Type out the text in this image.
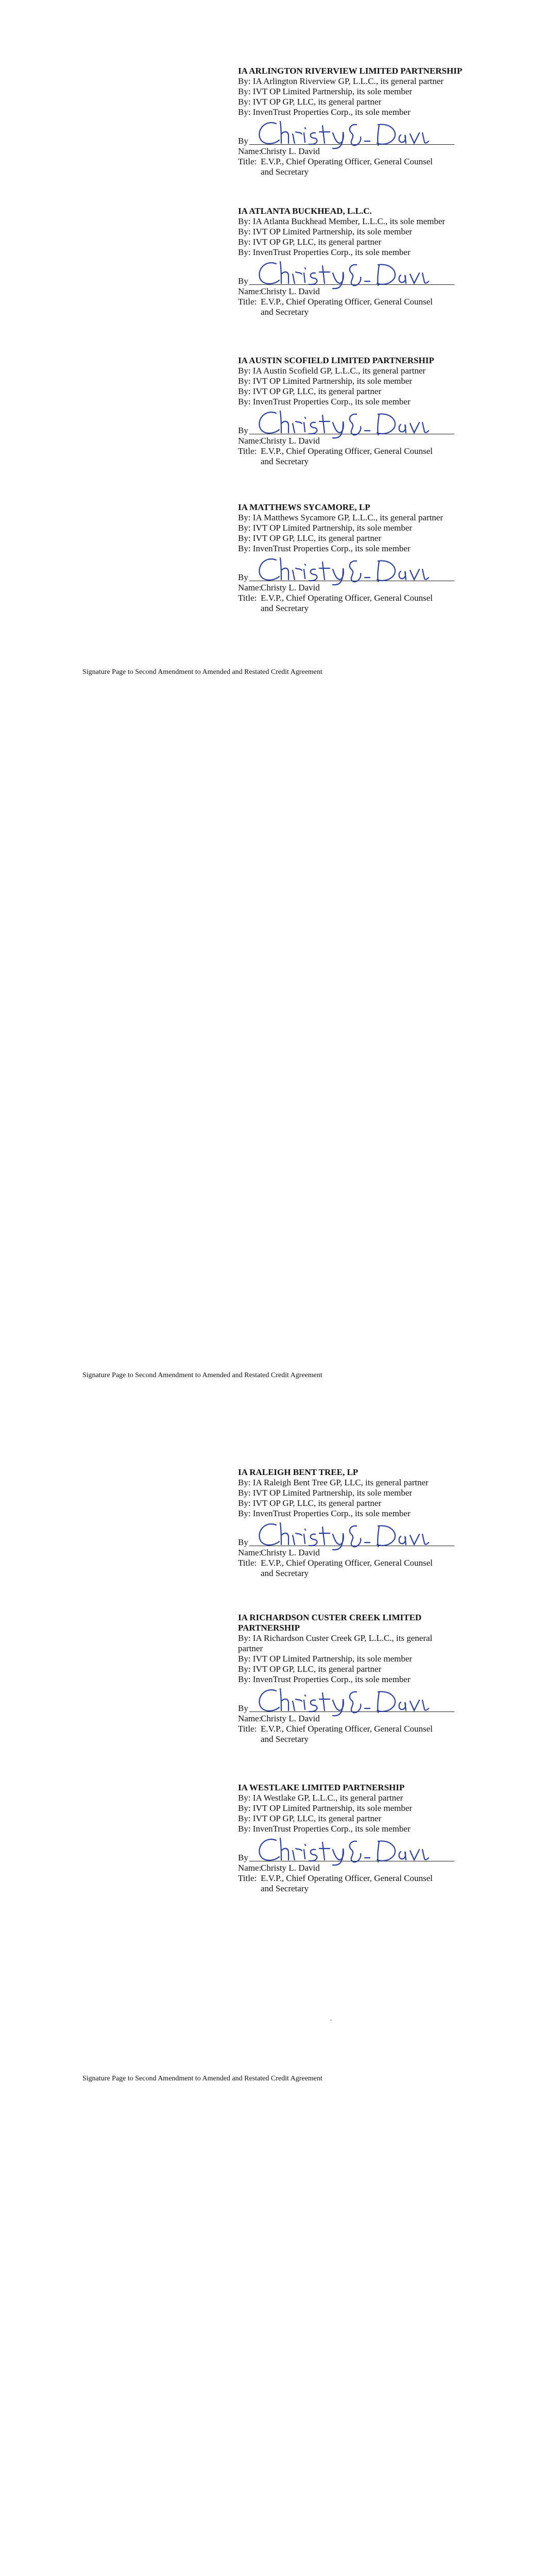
IA ARLINGTON RIVERVIEW LIMITED PARTNERSHIP
By: IA Arlington Riverview GP, L.L.C., its general partner
By: IVT OP Limited Partnership, its sole member
By: IVT OP GP, LLC, its general partner
By: InvenTrust Properties Corp., its sole member
By
Name:
Christy L. David
Title: E.V.P., Chief Operating Officer, General Counsel
and Secretary
IA ATLANTA BUCKHEAD, L.L.C.
By: IA Atlanta Buckhead Member, L.L.C., its sole member
By: IVT OP Limited Partnership, its sole member
By: IVT OP GP, LLC, its general partner
By: InvenTrust Properties Corp., its sole member
By
Name:
Christy L. David
Title: E.V.P., Chief Operating Officer, General Counsel
and Secretary
IA AUSTIN SCOFIELD LIMITED PARTNERSHIP
By: IA Austin Scofield GP, L.L.C., its general partner
By: IVT OP Limited Partnership, its sole member
By: IVT OP GP, LLC, its general partner
By: InvenTrust Properties Corp., its sole member
By
Name:
Christy L. David
Title: E.V.P., Chief Operating Officer, General Counsel
and Secretary
IA MATTHEWS SYCAMORE, LP
By: IA Matthews Sycamore GP, L.L.C., its general partner
By: IVT OP Limited Partnership, its sole member
By: IVT OP GP, LLC, its general partner
By: InvenTrust Properties Corp., its sole member
By
Name:
Christy L. David
Title: E.V.P., Chief Operating Officer, General Counsel
and Secretary
Signature Page to Second Amendment to Amended and Restated Credit Agreement
IA RALEIGH BENT TREE, LP
By: IA Raleigh Bent Tree GP, LLC, its general partner
By: IVT OP Limited Partnership, its sole member
By: IVT OP GP, LLC, its general partner
By: InvenTrust Properties Corp., its sole member
By
Name:
Christy L. David
Title: E.V.P., Chief Operating Officer, General Counsel
and Secretary
IA RICHARDSON CUSTER CREEK LIMITED
PARTNERSHIP
By: IA Richardson Custer Creek GP, L.L.C., its general
partner
By: IVT OP Limited Partnership, its sole member
By: IVT OP GP, LLC, its general partner
By: InvenTrust Properties Corp., its sole member
By
Name:
Christy L. David
Title: E.V.P., Chief Operating Officer, General Counsel
and Secretary
IA WESTLAKE LIMITED PARTNERSHIP
By: IA Westlake GP, L.L.C., its general partner
By: IVT OP Limited Partnership, its sole member
By: IVT OP GP, LLC, its general partner
By: InvenTrust Properties Corp., its sole member
By
Name:
Christy L. David
Title: E.V.P., Chief Operating Officer, General Counsel
and Secretary
Signature Page to Second Amendment to Amended and Restated Credit Agreement
Signature Page to Second Amendment to Amended and Restated Credit Agreement
